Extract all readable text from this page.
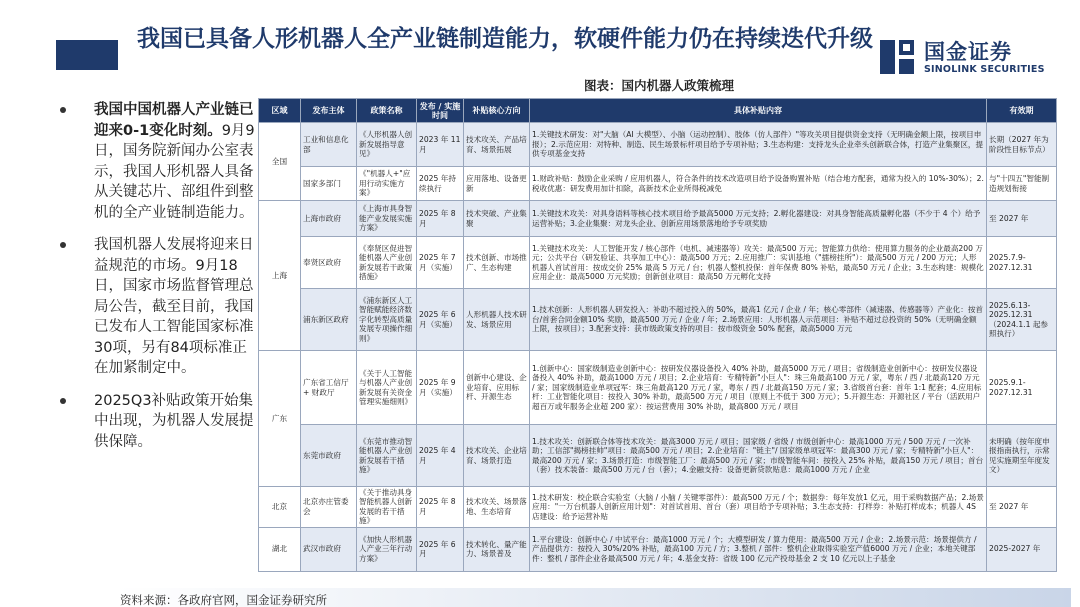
我国已具备人形机器人全产业链制造能力，软硬件能力仍在持续迭代升级 国金证券
SINOLINK SECURITIES
我国中国机器人产业链已迎来0-1变化时刻。9月9日，国务院新闻办公室表示，我国人形机器人具备从关键芯片、部组件到整机的全产业链制造能力。
我国机器人发展将迎来日益规范的市场。9月18日，国家市场监督管理总局公告，截至目前，我国已发布人工智能国家标准30项，另有84项标准正在加紧制定中。
2025Q3补贴政策开始集中出现，为机器人发展提供保障。
图表：国内机器人政策梳理
区域	发布主体	政策名称	发布 / 实施时间	补贴核心方向	具体补贴内容	有效期
全国	工业和信息化部	《人形机器人创新发展指导意见》	2023 年 11 月	技术攻关、产品培育、场景拓展	1.关键技术研发：对"大脑（AI 大模型）、小脑（运动控制）、肢体（仿人部件）"等攻关项目提供资金支持（无明确金额上限，按项目申报）；2.示范应用：对特种、制造、民生场景标杆项目给予专项补贴；3.生态构建：支持龙头企业牵头创新联合体，打造产业集聚区，提供专项基金支持	长期（2027 年为阶段性目标节点）
	国家多部门	《"机器人+"应用行动实施方案》	2025 年持续执行	应用落地、设备更新	1.财政补贴：鼓励企业采购 / 应用机器人，符合条件的技术改造项目给予设备购置补贴（结合地方配套，通常为投入的 10%-30%）；2.税收优惠：研发费用加计扣除，高新技术企业所得税减免	与"十四五"智能制造规划衔接
上海	上海市政府	《上海市具身智能产业发展实施方案》	2025 年 8 月	技术突破、产业集聚	1.关键技术攻关：对具身语料等核心技术项目给予最高5000 万元支持；2.孵化器建设：对具身智能高质量孵化器（不少于 4 个）给予运营补贴；3.企业集聚：对龙头企业、创新应用场景落地给予专项奖励	至 2027 年
	奉贤区政府	《奉贤区促进智能机器人产业创新发展若干政策措施》	2025 年 7 月（实施）	技术创新、市场推广、生态构建	1.关键技术攻关：人工智能开发 / 核心部件（电机、减速器等）攻关：最高500 万元；智能算力供给：使用算力服务的企业最高200 万元；公共平台（研发验证、共享加工中心）：最高500 万元；2.应用推广：实训基地（"擂榜挂所"）：最高500 万元 / 200 万元；人形机器人首试首用：按成交价 25% 最高 5 万元 / 台；机器人整机投保：首年保费 80% 补贴，最高50 万元 / 企业；3.生态构建：规模化应用企业：最高5000 万元奖励；创新创业项目：最高50 万元孵化支持	2025.7.9-2027.12.31
	浦东新区政府	《浦东新区人工智能赋能经济数字化转型高质量发展专项操作细则》	2025 年 6 月（实施）	人形机器人技术研发、场景应用	1.技术创新：人形机器人研发投入：补助不超过投入的 50%，最高1 亿元 / 企业 / 年；核心零部件（减速器、传感器等）产业化：按首台/首套合同金额10% 奖励，最高500 万元 / 企业 / 年；2.场景应用：人形机器人示范项目：补贴不超过总投资的 50%（无明确金额上限，按项目）；3.配套支持：获市级政策支持的项目：按市级资金 50% 配套，最高5000 万元	2025.6.13-2025.12.31（2024.1.1 起参照执行）
广东	广东省工信厅 + 财政厅	《关于人工智能与机器人产业创新发展有关资金管理实施细则》	2025 年 9 月（实施）	创新中心建设、企业培育、应用标杆、开源生态	1.创新中心：国家级制造业创新中心：按研发仪器设备投入 40% 补助，最高5000 万元 / 项目；省级制造业创新中心：按研发仪器设备投入 40% 补助，最高1000 万元 / 项目；2.企业培育：专精特新"小巨人"：珠三角最高100 万元 / 家，粤东 / 西 / 北最高120 万元 / 家；国家级制造业单项冠军：珠三角最高120 万元 / 家，粤东 / 西 / 北最高150 万元 / 家；3.省级首台套：首年 1:1 配套；4.应用标杆：工业智能化项目：按投入 30% 补助，最高500 万元 / 项目（原则上不低于 300 万元）；5.开源生态：开源社区 / 平台（活跃用户超百万或年服务企业超 200 家）：按运营费用 30% 补助，最高800 万元 / 项目	2025.9.1-2027.12.31
	东莞市政府	《东莞市推动智能机器人产业创新发展若干措施》	2025 年 4 月	技术攻关、企业培育、场景打造	1.技术攻关：创新联合体等技术攻关：最高3000 万元 / 项目；国家级 / 省级 / 市级创新中心：最高1000 万元 / 500 万元 / 一次补助；工信部"揭榜挂帅"项目：最高500 万元 / 项目；2.企业培育："链主"/ 国家级单项冠军：最高300 万元 / 家；专精特新"小巨人"：最高200 万元 / 家；3.场景打造：市级智能工厂：最高500 万元 / 家；市级智能车间：按投入 25% 补贴，最高150 万元 / 项目；首台（套）技术装备：最高500 万元 / 台（套）；4.金融支持：设备更新贷款贴息：最高1000 万元 / 企业	未明确（按年度申报指南执行，示常见实施期至年度发文）
北京	北京亦庄管委会	《关于推动具身智能机器人创新发展的若干措施》	2025 年 8 月	技术攻关、场景落地、生态培育	1.技术研发：校企联合实验室（大脑 / 小脑 / 关键零部件）：最高500 万元 / 个；数据券：每年发放1 亿元，用于采购数据产品；2.场景应用："一万台机器人创新应用计划"：对首试首用、首台（套）项目给予专项补贴；3.生态支持：打样券：补贴打样成本；机器人 4S 店建设：给予运营补贴	至 2027 年
湖北	武汉市政府	《加快人形机器人产业三年行动方案》	2025 年 6 月	技术转化、量产能力、场景普及	1.平台建设：创新中心 / 中试平台：最高1000 万元 / 个；大模型研发 / 算力使用：最高500 万元 / 企业；2.场景示范：场景提供方 / 产品提供方：按投入 30%/20% 补贴，最高100 万元 / 方；3.整机 / 部件：整机企业取得实验室产值6000 万元 / 企业；本地关键部件：整机 / 部件企业各最高500 万元 / 年；4.基金支持：省级 100 亿元产投母基金 2 支 10 亿元以上子基金	2025-2027 年
资料来源：各政府官网，国金证券研究所
